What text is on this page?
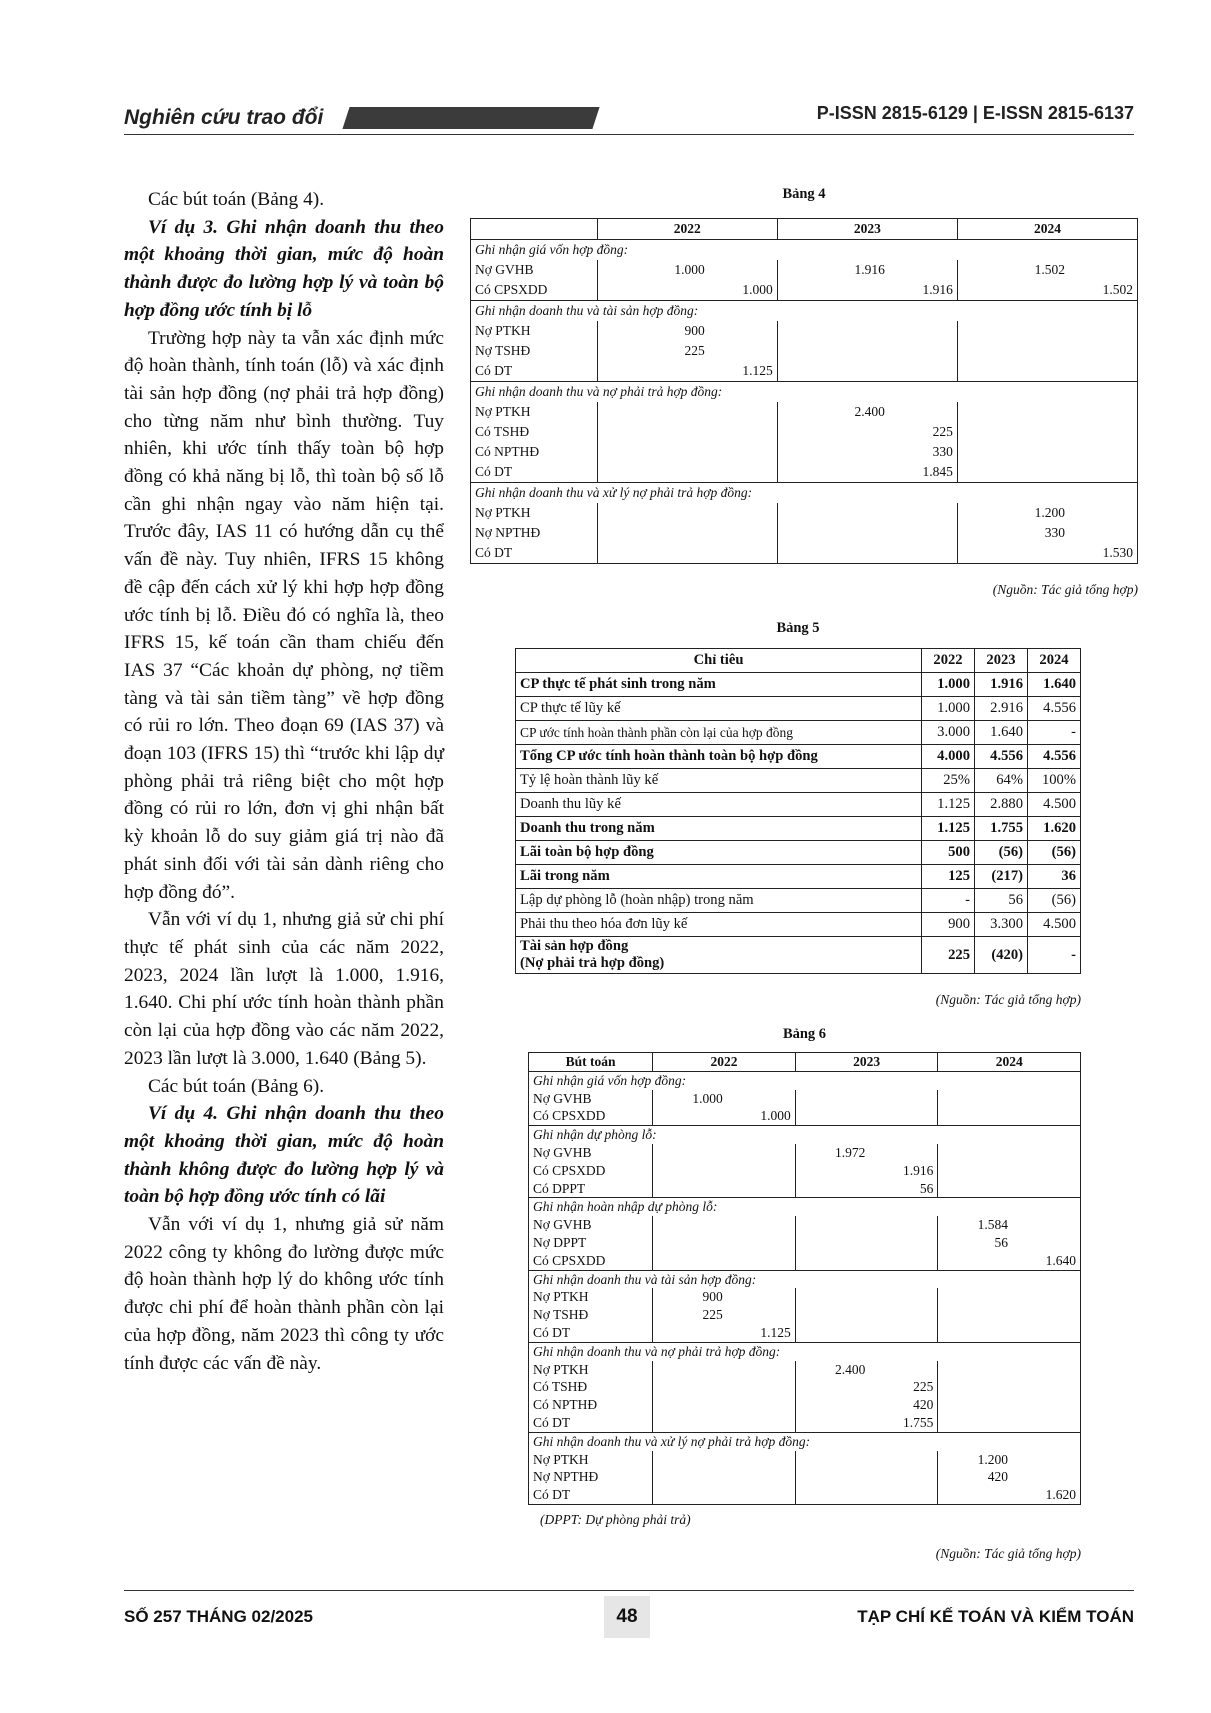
Nghiên cứu trao đổi	P-ISSN 2815-6129 | E-ISSN 2815-6137

Các bút toán (Bảng 4).

Ví dụ 3. Ghi nhận doanh thu theo một khoảng thời gian, mức độ hoàn thành được đo lường hợp lý và toàn bộ hợp đồng ước tính bị lỗ

Trường hợp này ta vẫn xác định mức độ hoàn thành, tính toán (lỗ) và xác định tài sản hợp đồng (nợ phải trả hợp đồng) cho từng năm như bình thường. Tuy nhiên, khi ước tính thấy toàn bộ hợp đồng có khả năng bị lỗ, thì toàn bộ số lỗ cần ghi nhận ngay vào năm hiện tại. Trước đây, IAS 11 có hướng dẫn cụ thể vấn đề này. Tuy nhiên, IFRS 15 không đề cập đến cách xử lý khi hợp hợp đồng ước tính bị lỗ. Điều đó có nghĩa là, theo IFRS 15, kế toán cần tham chiếu đến IAS 37 “Các khoản dự phòng, nợ tiềm tàng và tài sản tiềm tàng” về hợp đồng có rủi ro lớn. Theo đoạn 69 (IAS 37) và đoạn 103 (IFRS 15) thì “trước khi lập dự phòng phải trả riêng biệt cho một hợp đồng có rủi ro lớn, đơn vị ghi nhận bất kỳ khoản lỗ do suy giảm giá trị nào đã phát sinh đối với tài sản dành riêng cho hợp đồng đó”.

Vẫn với ví dụ 1, nhưng giả sử chi phí thực tế phát sinh của các năm 2022, 2023, 2024 lần lượt là 1.000, 1.916, 1.640. Chi phí ước tính hoàn thành phần còn lại của hợp đồng vào các năm 2022, 2023 lần lượt là 3.000, 1.640 (Bảng 5).

Các bút toán (Bảng 6).

Ví dụ 4. Ghi nhận doanh thu theo một khoảng thời gian, mức độ hoàn thành không được đo lường hợp lý và toàn bộ hợp đồng ước tính có lãi

Vẫn với ví dụ 1, nhưng giả sử năm 2022 công ty không đo lường được mức độ hoàn thành hợp lý do không ước tính được chi phí để hoàn thành phần còn lại của hợp đồng, năm 2023 thì công ty ước tính được các vấn đề này.

Bảng 4
	2022	2023	2024
Ghi nhận giá vốn hợp đồng:			
Nợ GVHB	1.000	1.916	1.502

Có CPSXDD	1.000	1.916	1.502

Ghi nhận doanh thu và tài sản hợp đồng:			
Nợ PTKH	900		

Nợ TSHĐ	225		

Có DT	1.125		

Ghi nhận doanh thu và nợ phải trả hợp đồng:			
Nợ PTKH		2.400	

Có TSHĐ		225	

Có NPTHĐ		330	

Có DT		1.845	

Ghi nhận doanh thu và xử lý nợ phải trả hợp đồng:			
Nợ PTKH			1.200

Nợ NPTHĐ			330

Có DT			1.530
(Nguồn: Tác giả tổng hợp)
Bảng 5
Chỉ tiêu	2022	2023	2024
CP thực tế phát sinh trong năm	1.000	1.916	1.640
CP thực tế lũy kế	1.000	2.916	4.556
CP ước tính hoàn thành phần còn lại của hợp đồng	3.000	1.640	-
Tổng CP ước tính hoàn thành toàn bộ hợp đồng	4.000	4.556	4.556
Tỷ lệ hoàn thành lũy kế	25%	64%	100%
Doanh thu lũy kế	1.125	2.880	4.500
Doanh thu trong năm	1.125	1.755	1.620
Lãi toàn bộ hợp đồng	500	(56)	(56)
Lãi trong năm	125	(217)	36
Lập dự phòng lỗ (hoàn nhập) trong năm	-	56	(56)
Phải thu theo hóa đơn lũy kế	900	3.300	4.500
Tài sản hợp đồng
(Nợ phải trả hợp đồng)	225	(420)	-
(Nguồn: Tác giả tổng hợp)
Bảng 6
Bút toán	2022	2023	2024
Ghi nhận giá vốn hợp đồng:			
Nợ GVHB	1.000		

Có CPSXDD	1.000		

Ghi nhận dự phòng lỗ:			
Nợ GVHB		1.972	

Có CPSXDD		1.916	

Có DPPT		56	

Ghi nhận hoàn nhập dự phòng lỗ:			
Nợ GVHB			1.584

Nợ DPPT			56

Có CPSXDD			1.640

Ghi nhận doanh thu và tài sản hợp đồng:			
Nợ PTKH	900		

Nợ TSHĐ	225		

Có DT	1.125		

Ghi nhận doanh thu và nợ phải trả hợp đồng:			
Nợ PTKH		2.400	

Có TSHĐ		225	

Có NPTHĐ		420	

Có DT		1.755	

Ghi nhận doanh thu và xử lý nợ phải trả hợp đồng:			
Nợ PTKH			1.200

Nợ NPTHĐ			420

Có DT			1.620
(DPPT: Dự phòng phải trả)
(Nguồn: Tác giả tổng hợp)
SỐ 257 THÁNG 02/2025	48	TẠP CHÍ KẾ TOÁN VÀ KIỂM TOÁN
